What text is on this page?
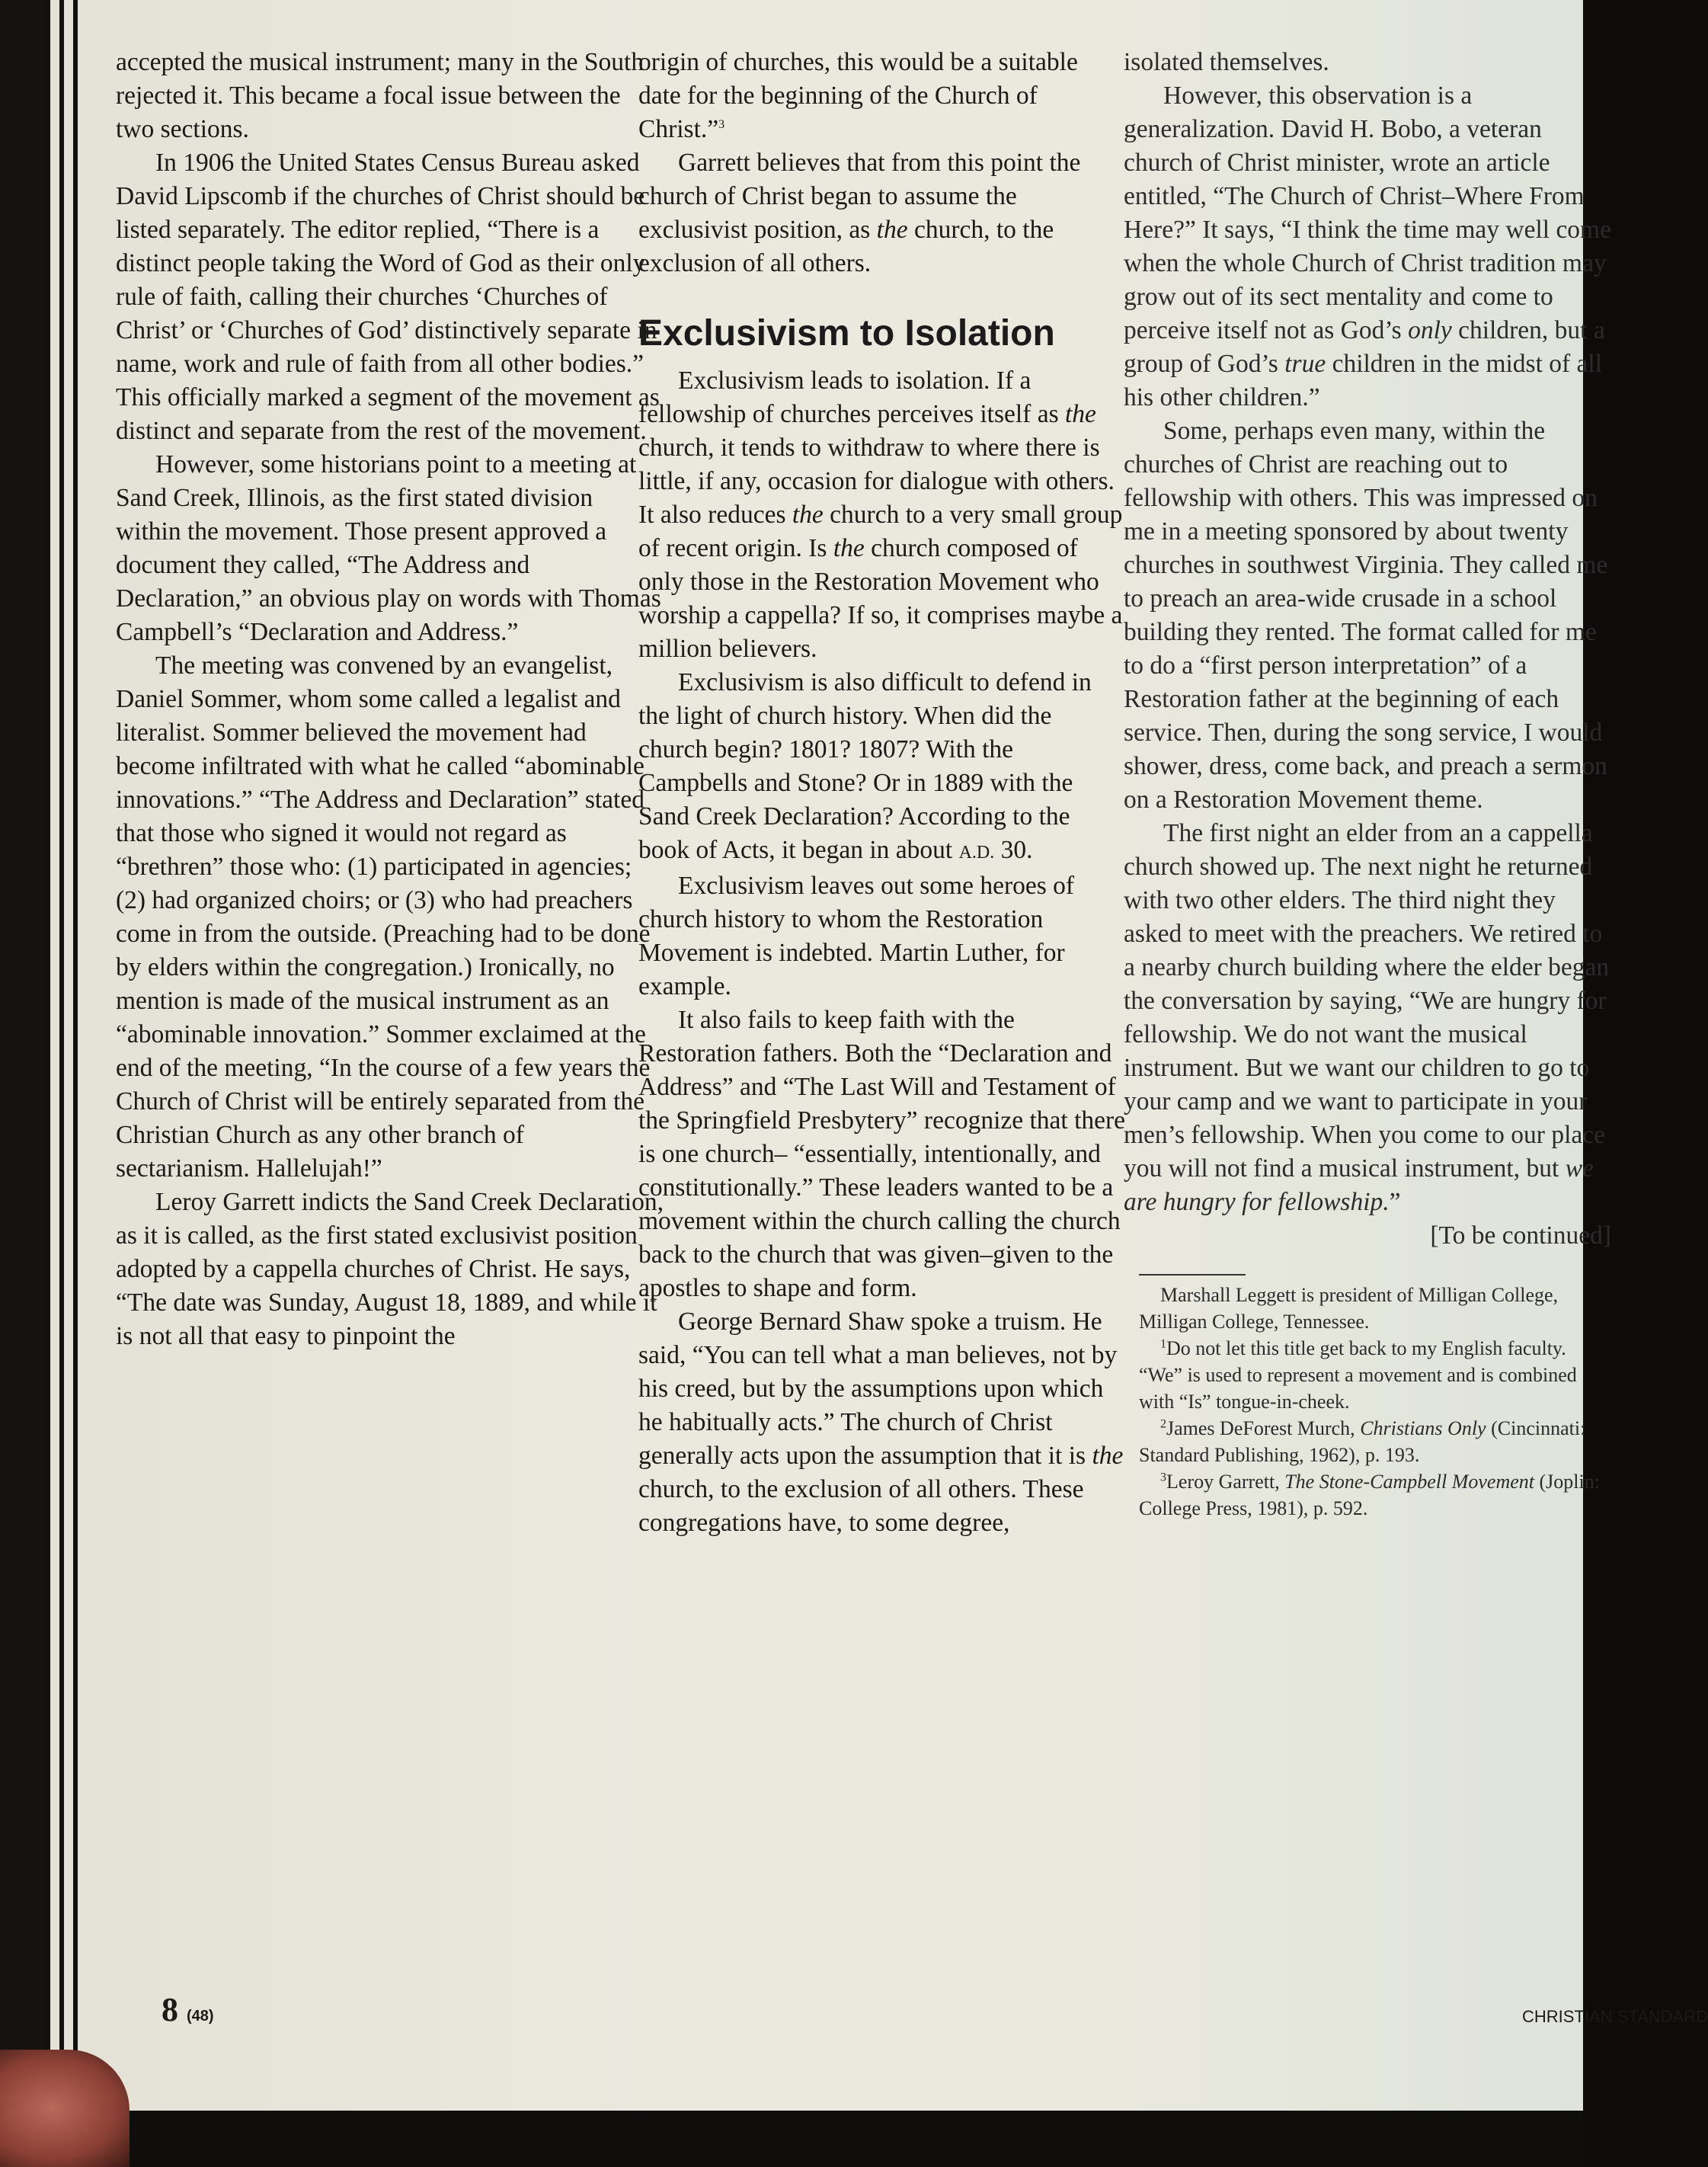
accepted the musical instrument; many in the South rejected it. This became a focal issue between the two sections.

In 1906 the United States Census Bureau asked David Lipscomb if the churches of Christ should be listed separately. The editor replied, “There is a distinct people taking the Word of God as their only rule of faith, calling their churches ‘Churches of Christ’ or ‘Churches of God’ distinctively separate in name, work and rule of faith from all other bodies.” This officially marked a segment of the movement as distinct and separate from the rest of the movement.

However, some historians point to a meeting at Sand Creek, Illinois, as the first stated division within the movement. Those present approved a document they called, “The Address and Declaration,” an obvious play on words with Thomas Campbell’s “Declaration and Address.”

The meeting was convened by an evangelist, Daniel Sommer, whom some called a legalist and literalist. Sommer believed the movement had become infiltrated with what he called “abominable innovations.” “The Address and Declaration” stated that those who signed it would not regard as “brethren” those who: (1) participated in agencies; (2) had organized choirs; or (3) who had preachers come in from the outside. (Preaching had to be done by elders within the congregation.) Ironically, no mention is made of the musical instrument as an “abominable innovation.” Sommer exclaimed at the end of the meeting, “In the course of a few years the Church of Christ will be entirely separated from the Christian Church as any other branch of sectarianism. Hallelujah!”

Leroy Garrett indicts the Sand Creek Declaration, as it is called, as the first stated exclusivist position adopted by a cappella churches of Christ. He says, “The date was Sunday, August 18, 1889, and while it is not all that easy to pinpoint the

origin of churches, this would be a suitable date for the beginning of the Church of Christ.”$^3$

Garrett believes that from this point the church of Christ began to assume the exclusivist position, as the church, to the exclusion of all others.

Exclusivism to Isolation

Exclusivism leads to isolation. If a fellowship of churches perceives itself as the church, it tends to withdraw to where there is little, if any, occasion for dialogue with others. It also reduces the church to a very small group of recent origin. Is the church composed of only those in the Restoration Movement who worship a cappella? If so, it comprises maybe a million believers.

Exclusivism is also difficult to defend in the light of church history. When did the church begin? 1801? 1807? With the Campbells and Stone? Or in 1889 with the Sand Creek Declaration? According to the book of Acts, it began in about A.D. 30.

Exclusivism leaves out some heroes of church history to whom the Restoration Movement is indebted. Martin Luther, for example.

It also fails to keep faith with the Restoration fathers. Both the “Declaration and Address” and “The Last Will and Testament of the Springfield Presbytery” recognize that there is one church– “essentially, intentionally, and constitutionally.” These leaders wanted to be a movement within the church calling the church back to the church that was given–given to the apostles to shape and form.

George Bernard Shaw spoke a truism. He said, “You can tell what a man believes, not by his creed, but by the assumptions upon which he habitually acts.” The church of Christ generally acts upon the assumption that it is the church, to the exclusion of all others. These congregations have, to some degree,

isolated themselves.

However, this observation is a generalization. David H. Bobo, a veteran church of Christ minister, wrote an article entitled, “The Church of Christ–Where From Here?” It says, “I think the time may well come when the whole Church of Christ tradition may grow out of its sect mentality and come to perceive itself not as God’s only children, but a group of God’s true children in the midst of all his other children.”

Some, perhaps even many, within the churches of Christ are reaching out to fellowship with others. This was impressed on me in a meeting sponsored by about twenty churches in southwest Virginia. They called me to preach an area-wide crusade in a school building they rented. The format called for me to do a “first person interpretation” of a Restoration father at the beginning of each service. Then, during the song service, I would shower, dress, come back, and preach a sermon on a Restoration Movement theme.

The first night an elder from an a cappella church showed up. The next night he returned with two other elders. The third night they asked to meet with the preachers. We retired to a nearby church building where the elder began the conversation by saying, “We are hungry for fellowship. We do not want the musical instrument. But we want our children to go to your camp and we want to participate in your men’s fellowship. When you come to our place you will not find a musical instrument, but we are hungry for fellowship.”

[To be continued]

Marshall Leggett is president of Milligan College, Milligan College, Tennessee.

$^1$Do not let this title get back to my English faculty. “We” is used to represent a movement and is combined with “Is” tongue-in-cheek.

$^2$James DeForest Murch, Christians Only (Cincinnati: Standard Publishing, 1962), p. 193.

$^3$Leroy Garrett, The Stone-Campbell Movement (Joplin: College Press, 1981), p. 592.

8 (48)	CHRISTIAN STANDARD
